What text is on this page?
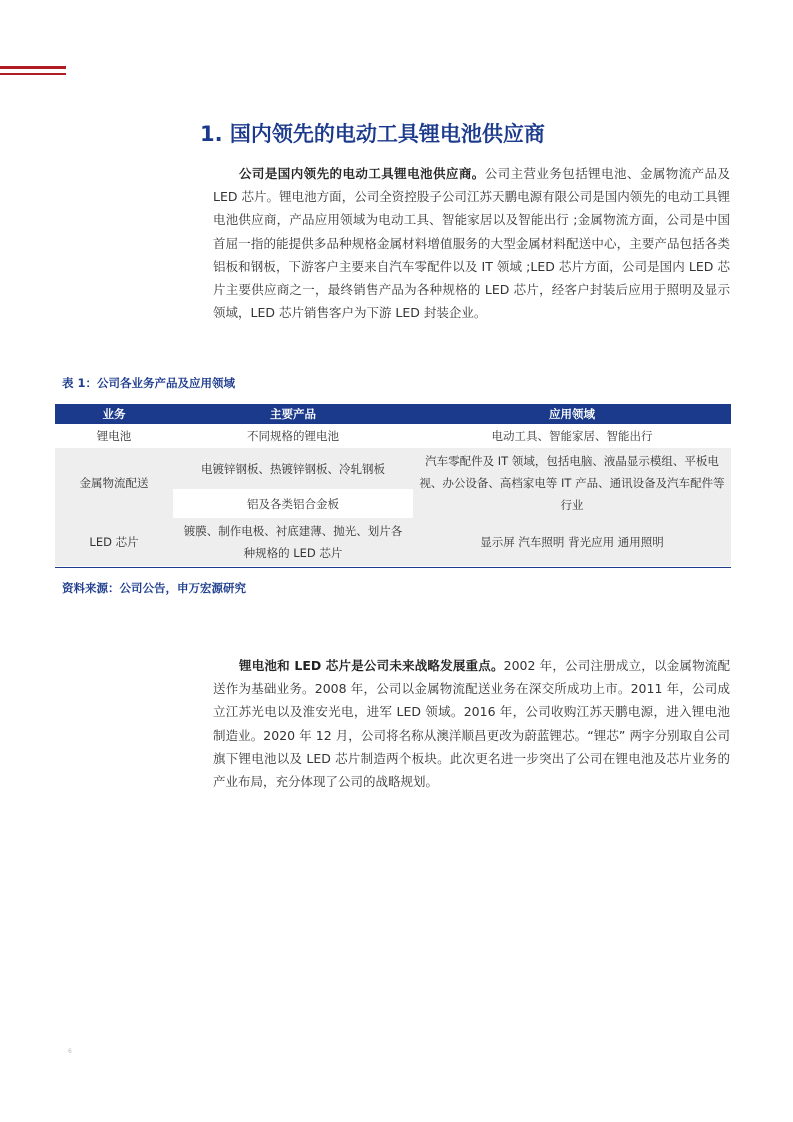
1. 国内领先的电动工具锂电池供应商

公司是国内领先的电动工具锂电池供应商。公司主营业务包括锂电池、金属物流产品及 LED 芯片。锂电池方面，公司全资控股子公司江苏天鹏电源有限公司是国内领先的电动工具锂电池供应商，产品应用领域为电动工具、智能家居以及智能出行 ;金属物流方面，公司是中国首屈一指的能提供多品种规格金属材料增值服务的大型金属材料配送中心，主要产品包括各类铝板和钢板，下游客户主要来自汽车零配件以及 IT 领域 ;LED 芯片方面，公司是国内 LED 芯片主要供应商之一，最终销售产品为各种规格的 LED 芯片，经客户封装后应用于照明及显示领域，LED 芯片销售客户为下游 LED 封装企业。

表 1：公司各业务产品及应用领域

业务	主要产品	应用领域
锂电池	不同规格的锂电池	电动工具、智能家居、智能出行
金属物流配送	电镀锌钢板、热镀锌钢板、冷轧钢板	汽车零配件及 IT 领域，包括电脑、液晶显示模组、平板电视、办公设备、高档家电等 IT 产品、通讯设备及汽车配件等行业
	铝及各类铝合金板	
LED 芯片	镀膜、制作电极、衬底建薄、抛光、划片各种规格的 LED 芯片	显示屏 汽车照明 背光应用 通用照明

资料来源：公司公告，申万宏源研究

锂电池和 LED 芯片是公司未来战略发展重点。2002 年，公司注册成立，以金属物流配送作为基础业务。2008 年，公司以金属物流配送业务在深交所成功上市。2011 年，公司成立江苏光电以及淮安光电，进军 LED 领域。2016 年，公司收购江苏天鹏电源，进入锂电池制造业。2020 年 12 月，公司将名称从澳洋顺昌更改为蔚蓝锂芯。“锂芯” 两字分别取自公司旗下锂电池以及 LED 芯片制造两个板块。此次更名进一步突出了公司在锂电池及芯片业务的产业布局，充分体现了公司的战略规划。

6
